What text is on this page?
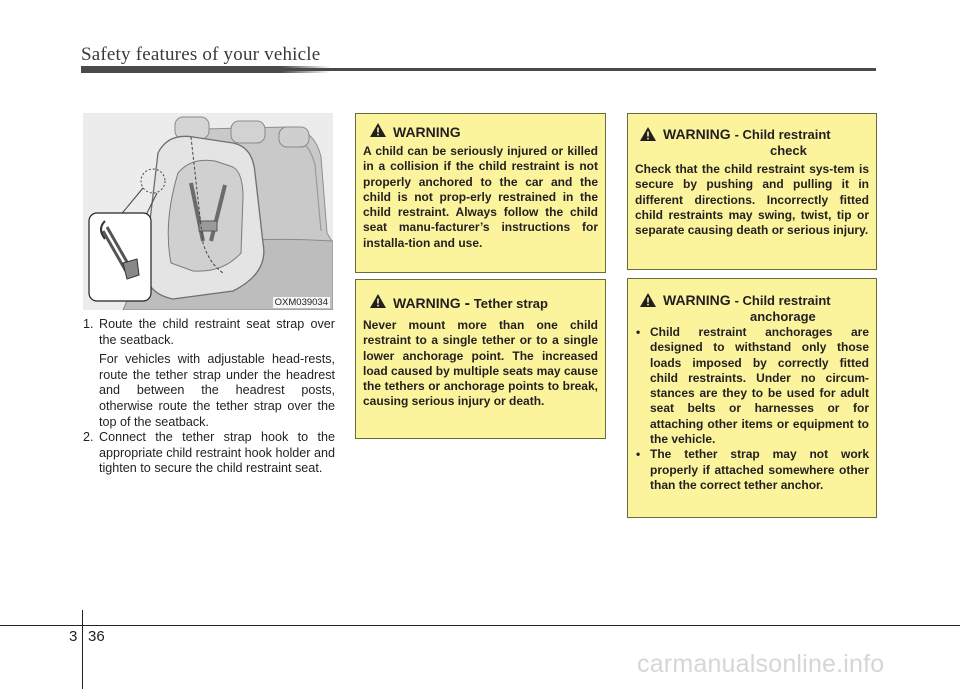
Safety features of your vehicle
OXM039034
1. Route the child restraint seat strap over the seatback.
For vehicles with adjustable head-rests, route the tether strap under the headrest and between the headrest posts, otherwise route the tether strap over the top of the seatback.
2. Connect the tether strap hook to the appropriate child restraint hook holder and tighten to secure the child restraint seat.
WARNING
A child can be seriously injured or killed in a collision if the child restraint is not properly anchored to the car and the child is not prop-erly restrained in the child restraint. Always follow the child seat manu-facturer’s instructions for installa-tion and use.
WARNING - Tether strap
Never mount more than one child restraint to a single tether or to a single lower anchorage point. The increased load caused by multiple seats may cause the tethers or anchorage points to break, causing serious injury or death.
WARNING - Child restraint
check
Check that the child restraint sys-tem is secure by pushing and pulling it in different directions. Incorrectly fitted child restraints may swing, twist, tip or separate causing death or serious injury.
WARNING - Child restraint
anchorage
• Child restraint anchorages are designed to withstand only those loads imposed by correctly fitted child restraints. Under no circum-stances are they to be used for adult seat belts or harnesses or for attaching other items or equipment to the vehicle.
• The tether strap may not work properly if attached somewhere other than the correct tether anchor.
3 36
carmanualsonline.info
